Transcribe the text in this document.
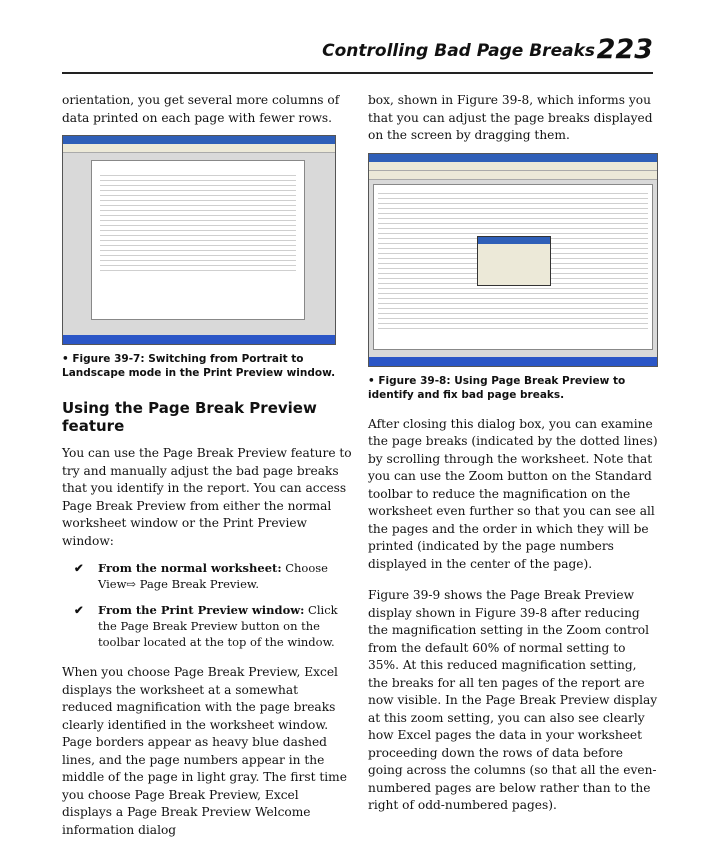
Controlling Bad Page Breaks 223

orientation, you get several more columns of data printed on each page with fewer rows.

• Figure 39-7: Switching from Portrait to Landscape mode in the Print Preview window.
Using the Page Break Preview feature

You can use the Page Break Preview feature to try and manually adjust the bad page breaks that you identify in the report. You can access Page Break Preview from either the normal worksheet window or the Print Preview window:

✔ From the normal worksheet: Choose View⇨ Page Break Preview.
✔ From the Print Preview window: Click the Page Break Preview button on the toolbar located at the top of the window.

When you choose Page Break Preview, Excel displays the worksheet at a somewhat reduced magnification with the page breaks clearly identified in the worksheet window. Page borders appear as heavy blue dashed lines, and the page numbers appear in the middle of the page in light gray. The first time you choose Page Break Preview, Excel displays a Page Break Preview Welcome information dialog

box, shown in Figure 39-8, which informs you that you can adjust the page breaks displayed on the screen by dragging them.

• Figure 39-8: Using Page Break Preview to identify and fix bad page breaks.

After closing this dialog box, you can examine the page breaks (indicated by the dotted lines) by scrolling through the worksheet. Note that you can use the Zoom button on the Standard toolbar to reduce the magnification on the worksheet even further so that you can see all the pages and the order in which they will be printed (indicated by the page numbers displayed in the center of the page).

Figure 39-9 shows the Page Break Preview display shown in Figure 39-8 after reducing the magnification setting in the Zoom control from the default 60% of normal setting to 35%. At this reduced magnification setting, the breaks for all ten pages of the report are now visible. In the Page Break Preview display at this zoom setting, you can also see clearly how Excel pages the data in your worksheet proceeding down the rows of data before going across the columns (so that all the even-numbered pages are below rather than to the right of odd-numbered pages).
